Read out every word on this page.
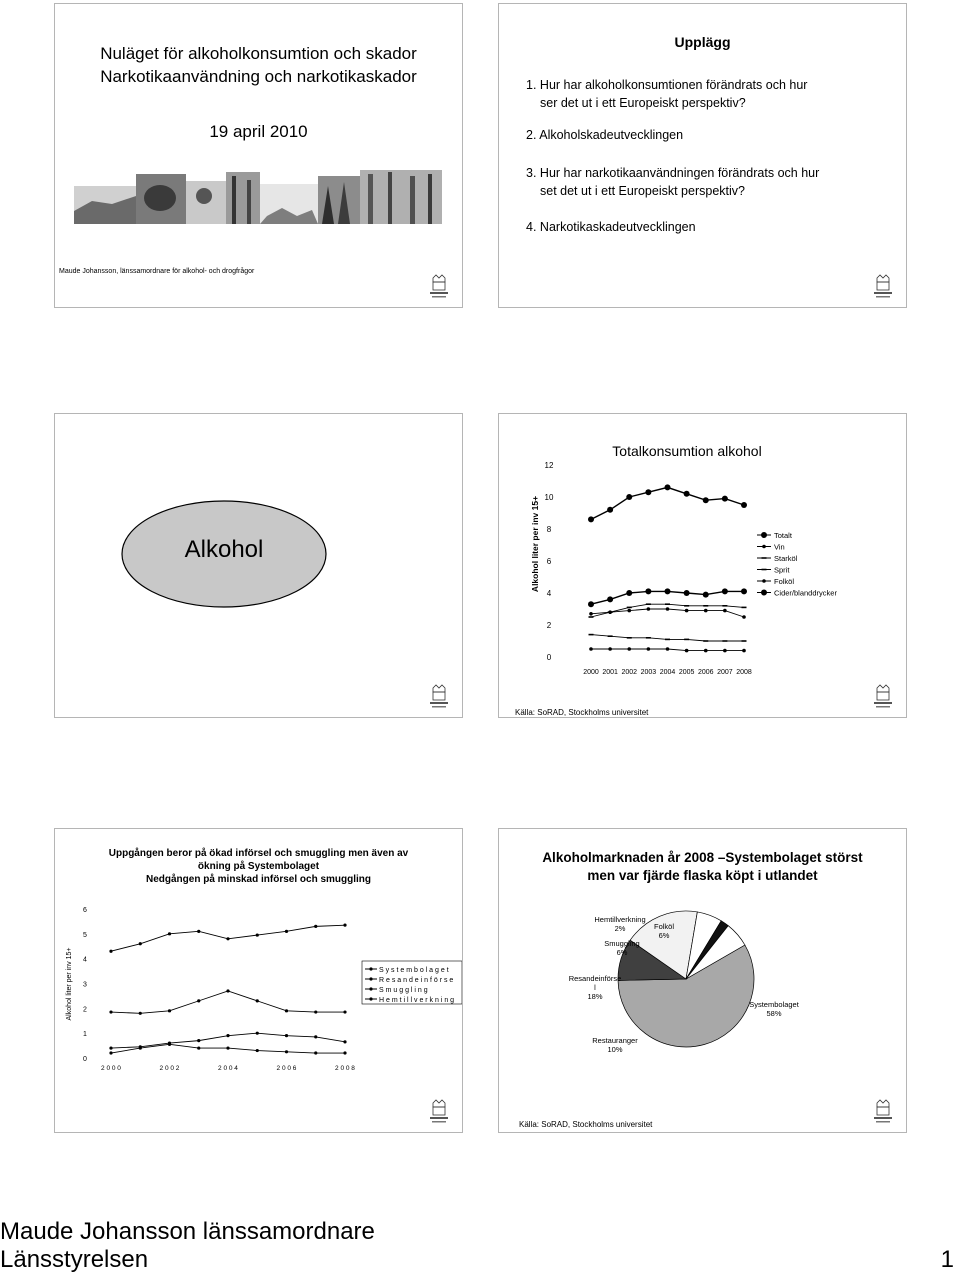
Nuläget för alkoholkonsumtion och skador
Narkotikaanvändning och narkotikaskador
19 april 2010
Maude Johansson, länssamordnare för alkohol- och drogfrågor
Upplägg
1. Hur har alkoholkonsumtionen förändrats och hur
ser det ut i ett Europeiskt perspektiv?
2. Alkoholskadeutvecklingen
3. Hur har narkotikaanvändningen förändrats och hur
set det ut i ett Europeiskt perspektiv?
4. Narkotikaskadeutvecklingen
Alkohol
Totalkonsumtion alkohol
Alkohol liter per inv 15+
0
2
4
6
8
10
12
2000 2001 2002 2003 2004 2005 2006 2007 2008
Totalt
Vin
Starköl
Sprit
Folköl
Cider/blanddrycker
Källa: SoRAD, Stockholms universitet
Uppgången beror på ökad införsel och smuggling men även av
ökning på Systembolaget
Nedgången på minskad införsel och smuggling
Alkohol liter per inv 15+
0
1
2
3
4
5
6
2 0 0 0	2 0 0 2	2 0 0 4	2 0 0 6	2 0 0 8
S y s t e m b o l a g e t
R e s a n d e i n f ö r s e
S m u g g l i n g
H e m t i l l v e r k n i n g
Alkoholmarknaden år 2008 –Systembolaget störst
men var fjärde flaska köpt i utlandet
Systembolaget
58%
Restauranger
10%
Resandeinförse
l
18%
Smuggling
6%
Hemtillverkning
2%	Folköl
6%
Källa: SoRAD, Stockholms universitet
Maude Johansson länssamordnare
Länsstyrelsen	1
